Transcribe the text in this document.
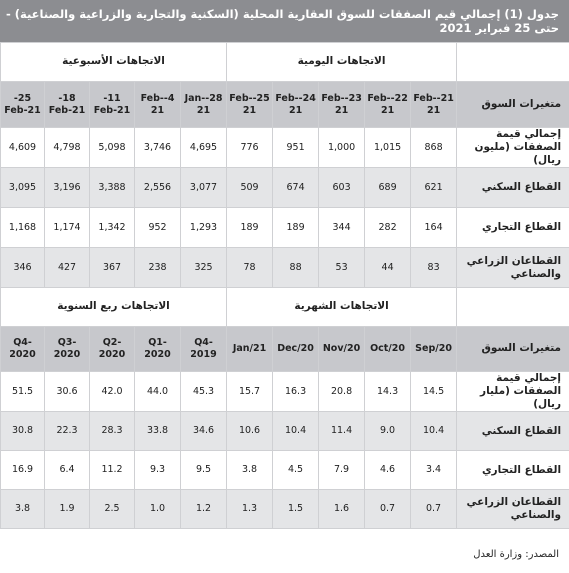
جدول (1) إجمالي قيم الصفقات للسوق العقارية المحلية (السكنية والتجارية والزراعية والصناعية) - حتى 25 فبراير 2021
	الاتجاهات اليومية					الاتجاهات الأسبوعية				
متغيرات السوق	21-Feb-21	22-Feb-21	23-Feb-21	24-Feb-21	25-Feb-21	28-Jan-21	4-Feb-21	11-Feb-21	18-Feb-21	25-Feb-21
إجمالي قيمة الصفقات (مليون ريال)	868	1,015	1,000	951	776	4,695	3,746	5,098	4,798	4,609
القطاع السكني	621	689	603	674	509	3,077	2,556	3,388	3,196	3,095
القطاع التجاري	164	282	344	189	189	1,293	952	1,342	1,174	1,168
القطاعان الزراعي والصناعي	83	44	53	88	78	325	238	367	427	346
	الاتجاهات الشهرية					الاتجاهات ربع السنوية				
متغيرات السوق	Sep/20	Oct/20	Nov/20	Dec/20	Jan/21	Q4- 2019	Q1- 2020	Q2- 2020	Q3- 2020	Q4- 2020
إجمالي قيمة الصفقات (مليار ريال)	14.5	14.3	20.8	16.3	15.7	45.3	44.0	42.0	30.6	51.5
القطاع السكني	10.4	9.0	11.4	10.4	10.6	34.6	33.8	28.3	22.3	30.8
القطاع التجاري	3.4	4.6	7.9	4.5	3.8	9.5	9.3	11.2	6.4	16.9
القطاعان الزراعي والصناعي	0.7	0.7	1.6	1.5	1.3	1.2	1.0	2.5	1.9	3.8
المصدر: وزارة العدل
